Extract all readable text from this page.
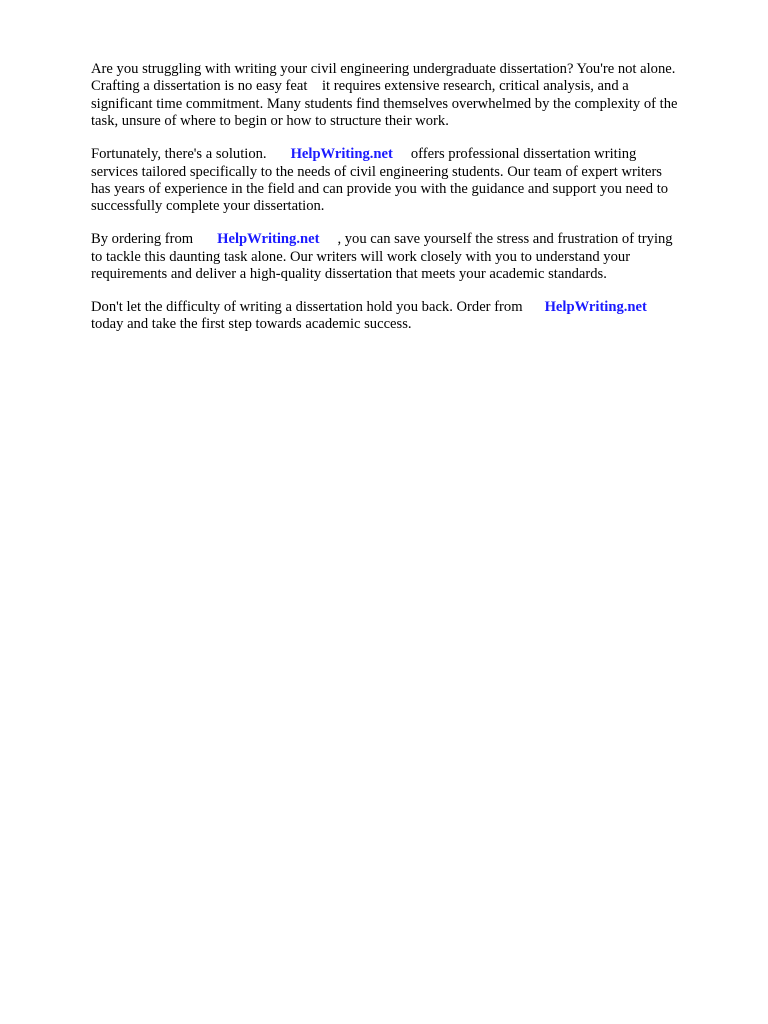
Are you struggling with writing your civil engineering undergraduate dissertation? You're not alone.
Crafting a dissertation is no easy feat    it requires extensive research, critical analysis, and a
significant time commitment. Many students find themselves overwhelmed by the complexity of the
task, unsure of where to begin or how to structure their work.

Fortunately, there's a solution. HelpWriting.net offers professional dissertation writing
services tailored specifically to the needs of civil engineering students. Our team of expert writers
has years of experience in the field and can provide you with the guidance and support you need to
successfully complete your dissertation.

By ordering from HelpWriting.net , you can save yourself the stress and frustration of trying
to tackle this daunting task alone. Our writers will work closely with you to understand your
requirements and deliver a high-quality dissertation that meets your academic standards.

Don't let the difficulty of writing a dissertation hold you back. Order from HelpWriting.net
today and take the first step towards academic success.
